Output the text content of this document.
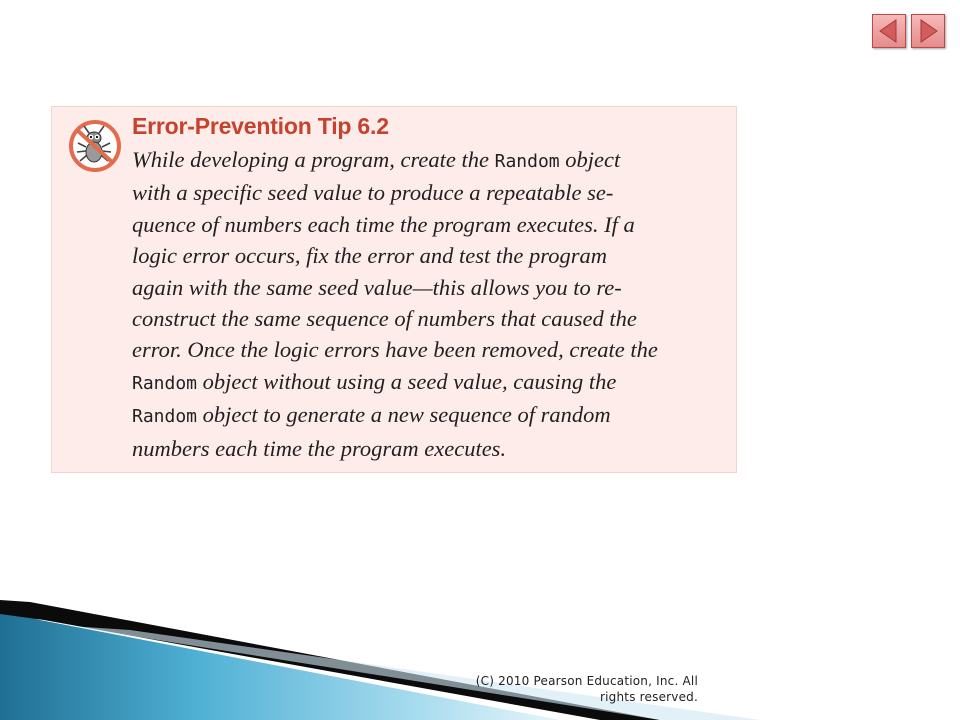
Error-Prevention Tip 6.2
While developing a program, create the Random object
with a specific seed value to produce a repeatable se-
quence of numbers each time the program executes. If a
logic error occurs, fix the error and test the program
again with the same seed value—this allows you to re-
construct the same sequence of numbers that caused the
error. Once the logic errors have been removed, create the
Random object without using a seed value, causing the
Random object to generate a new sequence of random
numbers each time the program executes.
(C) 2010 Pearson Education, Inc. All
rights reserved.
